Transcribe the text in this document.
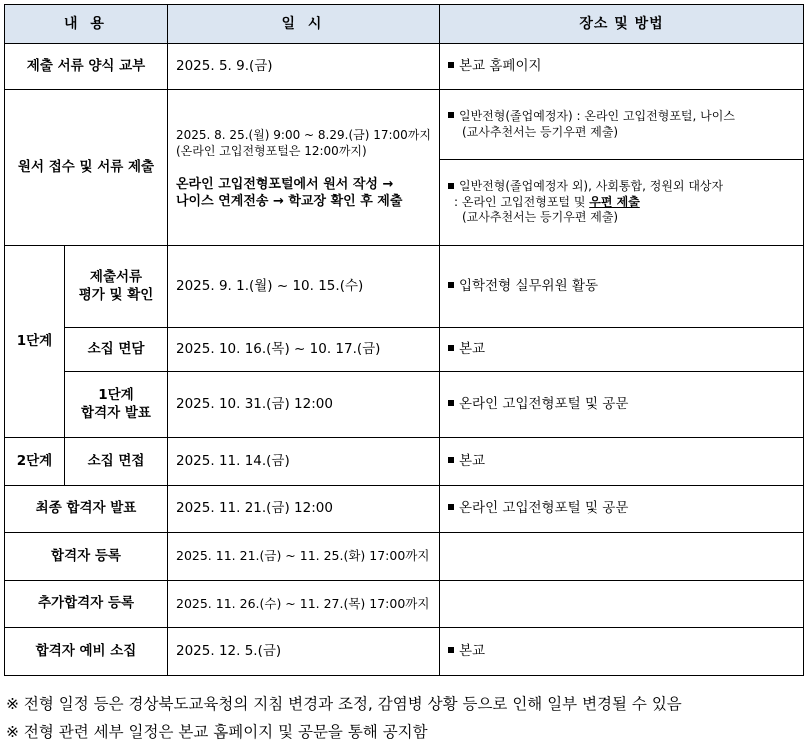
내 용		일 시	장소 및 방법
제출 서류 양식 교부		2025. 5. 9.(금)	본교 홈페이지
원서 접수 및 서류 제출		2025. 8. 25.(월) 9:00 ~ 8.29.(금) 17:00까지
(온라인 고입전형포털은 12:00까지)
온라인 고입전형포털에서 원서 작성 →
나이스 연계전송 → 학교장 확인 후 제출	일반전형(졸업예정자) : 온라인 고입전형포털, 나이스
(교사추천서는 등기우편 제출)

			일반전형(졸업예정자 외), 사회통합, 정원외 대상자
: 온라인 고입전형포털 및 우편 제출
(교사추천서는 등기우편 제출)

1단계	제출서류
평가 및 확인	2025. 9. 1.(월) ~ 10. 15.(수)	입학전형 실무위원 활동
	소집 면담	2025. 10. 16.(목) ~ 10. 17.(금)	본교

	1단계
합격자 발표	2025. 10. 31.(금) 12:00	온라인 고입전형포털 및 공문
2단계	소집 면접	2025. 11. 14.(금)	본교
최종 합격자 발표		2025. 11. 21.(금) 12:00	온라인 고입전형포털 및 공문
합격자 등록		2025. 11. 21.(금) ~ 11. 25.(화) 17:00까지	
추가합격자 등록		2025. 11. 26.(수) ~ 11. 27.(목) 17:00까지	
합격자 예비 소집		2025. 12. 5.(금)	본교
※ 전형 일정 등은 경상북도교육청의 지침 변경과 조정, 감염병 상황 등으로 인해 일부 변경될 수 있음
※ 전형 관련 세부 일정은 본교 홈페이지 및 공문을 통해 공지함
